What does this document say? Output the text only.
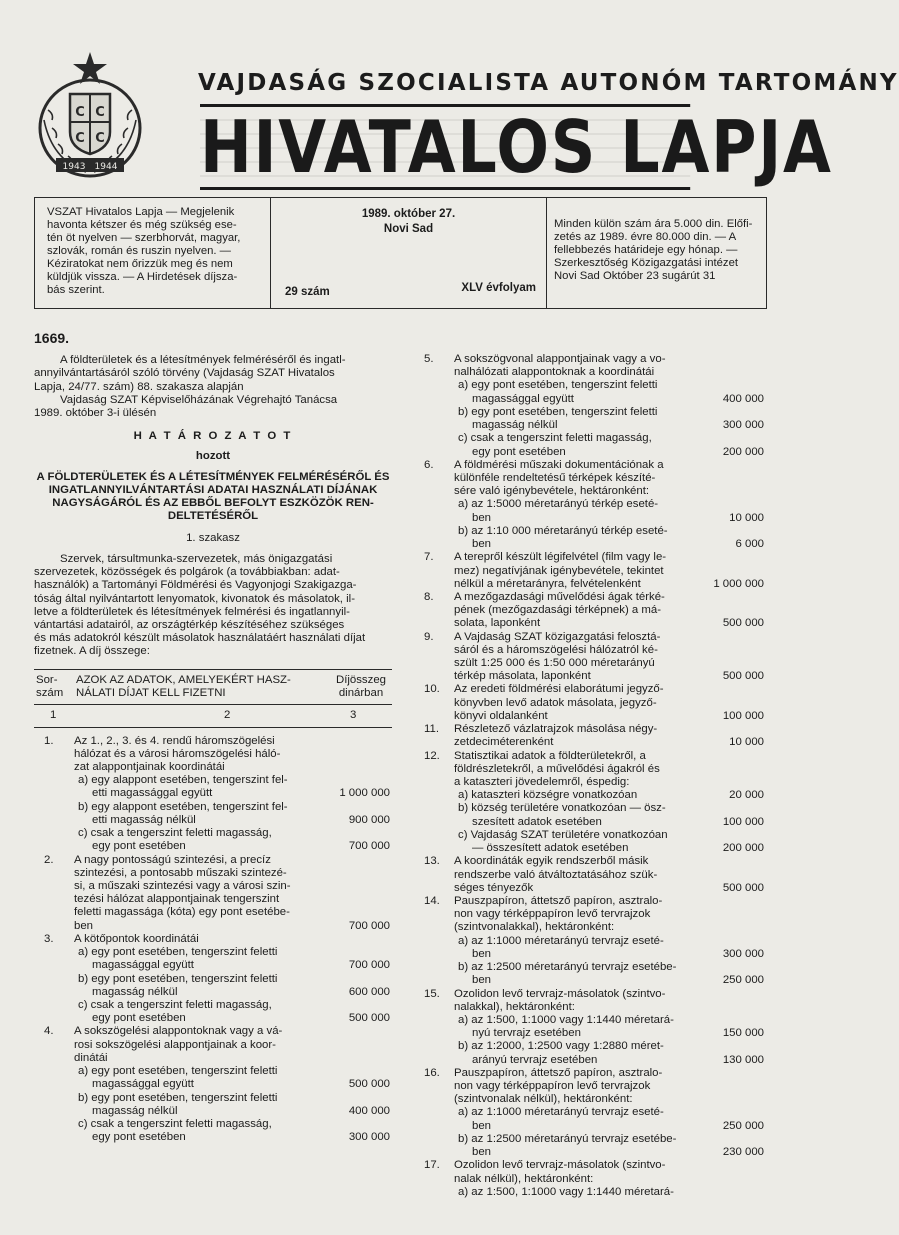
С С
С С
1943 1944
VAJDASÁG SZOCIALISTA AUTONÓM TARTOMÁNY
HIVATALOS LAPJA
VSZAT Hivatalos Lapja — Megjelenik
havonta kétszer és még szükség ese-
tén öt nyelven — szerbhorvát, magyar,
szlovák, román és ruszin nyelven. —
Kéziratokat nem őrizzük meg és nem
küldjük vissza. — A Hirdetések díjsza-
bás szerint.
1989. október 27.
Novi Sad
29 szám	XLV évfolyam
Minden külön szám ára 5.000 din. Előfi-
zetés az 1989. évre 80.000 din. — A
fellebbezés határideje egy hónap. —
Szerkesztőség Közigazgatási intézet
Novi Sad Október 23 sugárút 31
1669.
A földterületek és a létesítmények felméréséről és ingatl-
annyilvántartásáról szóló törvény (Vajdaság SZAT Hivatalos
Lapja, 24/77. szám) 88. szakasza alapján
Vajdaság SZAT Képviselőházának Végrehajtó Tanácsa
1989. október 3-i ülésén
H A T Á R O Z A T O T
hozott
A FÖLDTERÜLETEK ÉS A LÉTESÍTMÉNYEK FELMÉRÉSÉRŐL ÉS
INGATLANNYILVÁNTARTÁSI ADATAI HASZNÁLATI DÍJÁNAK
NAGYSÁGÁRÓL ÉS AZ EBBŐL BEFOLYT ESZKÖZÖK REN-
DELTETÉSÉRŐL
1. szakasz
Szervek, társultmunka-szervezetek, más önigazgatási
szervezetek, közösségek és polgárok (a továbbiakban: adat-
használók) a Tartományi Földmérési és Vagyonjogi Szakigazga-
tóság által nyilvántartott lenyomatok, kivonatok és másolatok, il-
letve a földterületek és létesítmények felmérési és ingatlannyil-
vántartási adatairól, az országtérkép készítéséhez szükséges
és más adatokról készült másolatok használatáért használati díjat
fizetnek. A díj összege:
Sor-
szám
AZOK AZ ADATOK, AMELYEKÉRT HASZ-
NÁLATI DÍJAT KELL FIZETNI
Díjösszeg
dinárban
1	2	3
1. Az 1., 2., 3. és 4. rendű háromszögelési
hálózat és a városi háromszögelési háló-
zat alappontjainak koordinátái
a) egy alappont esetében, tengerszint fel-
etti magassággal együtt	1 000 000
b) egy alappont esetében, tengerszint fel-
etti magasság nélkül	900 000
c) csak a tengerszint feletti magasság,
egy pont esetében	700 000
2. A nagy pontosságú szintezési, a precíz
szintezési, a pontosabb műszaki szintezé-
si, a műszaki szintezési vagy a városi szin-
tezési hálózat alappontjainak tengerszint
feletti magassága (kóta) egy pont esetébe-
ben	700 000
3. A kötőpontok koordinátái
a) egy pont esetében, tengerszint feletti
magassággal együtt	700 000
b) egy pont esetében, tengerszint feletti
magasság nélkül	600 000
c) csak a tengerszint feletti magasság,
egy pont esetében	500 000
4. A sokszögelési alappontoknak vagy a vá-
rosi sokszögelési alappontjainak a koor-
dinátái
a) egy pont esetében, tengerszint feletti
magassággal együtt	500 000
b) egy pont esetében, tengerszint feletti
magasság nélkül	400 000
c) csak a tengerszint feletti magasság,
egy pont esetében	300 000
5. A sokszögvonal alappontjainak vagy a vo-
nalhálózati alappontoknak a koordinátái
a) egy pont esetében, tengerszint feletti
magassággal együtt	400 000
b) egy pont esetében, tengerszint feletti
magasság nélkül	300 000
c) csak a tengerszint feletti magasság,
egy pont esetében	200 000
6. A földmérési műszaki dokumentációnak a
különféle rendeltetésű térképek készíté-
sére való igénybevétele, hektáronként:
a) az 1:5000 méretarányú térkép eseté-
ben	10 000
b) az 1:10 000 méretarányú térkép eseté-
ben	6 000
7. A terepről készült légifelvétel (film vagy le-
mez) negatívjának igénybevétele, tekintet
nélkül a méretarányra, felvételenként	1 000 000
8. A mezőgazdasági művelődési ágak térké-
pének (mezőgazdasági térképnek) a má-
solata, laponként	500 000
9. A Vajdaság SZAT közigazgatási felosztá-
sáról és a háromszögelési hálózatról ké-
szült 1:25 000 és 1:50 000 méretarányú
térkép másolata, laponként	500 000
10. Az eredeti földmérési elaborátumi jegyző-
könyvben levő adatok másolata, jegyző-
könyvi oldalanként	100 000
11. Részletező vázlatrajzok másolása négy-
zetdeciméterenként	10 000
12. Statisztikai adatok a földterületekről, a
földrészletekről, a művelődési ágakról és
a kataszteri jövedelemről, éspedig:
a) kataszteri községre vonatkozóan	20 000
b) község területére vonatkozóan — ösz-
szesített adatok esetében	100 000
c) Vajdaság SZAT területére vonatkozóan
— összesített adatok esetében	200 000
13. A koordináták egyik rendszerből másik
rendszerbe való átváltoztatásához szük-
séges tényezők	500 000
14. Pauszpapíron, áttetsző papíron, asztralo-
non vagy térképpapíron levő tervrajzok
(szintvonalakkal), hektáronként:
a) az 1:1000 méretarányú tervrajz eseté-
ben	300 000
b) az 1:2500 méretarányú tervrajz esetébe-
ben	250 000
15. Ozolidon levő tervrajz-másolatok (szintvo-
nalakkal), hektáronként:
a) az 1:500, 1:1000 vagy 1:1440 méretará-
nyú tervrajz esetében	150 000
b) az 1:2000, 1:2500 vagy 1:2880 méret-
arányú tervrajz esetében	130 000
16. Pauszpapíron, áttetsző papíron, asztralo-
non vagy térképpapíron levő tervrajzok
(szintvonalak nélkül), hektáronként:
a) az 1:1000 méretarányú tervrajz eseté-
ben	250 000
b) az 1:2500 méretarányú tervrajz esetébe-
ben	230 000
17. Ozolidon levő tervrajz-másolatok (szintvo-
nalak nélkül), hektáronként:
a) az 1:500, 1:1000 vagy 1:1440 méretará-
